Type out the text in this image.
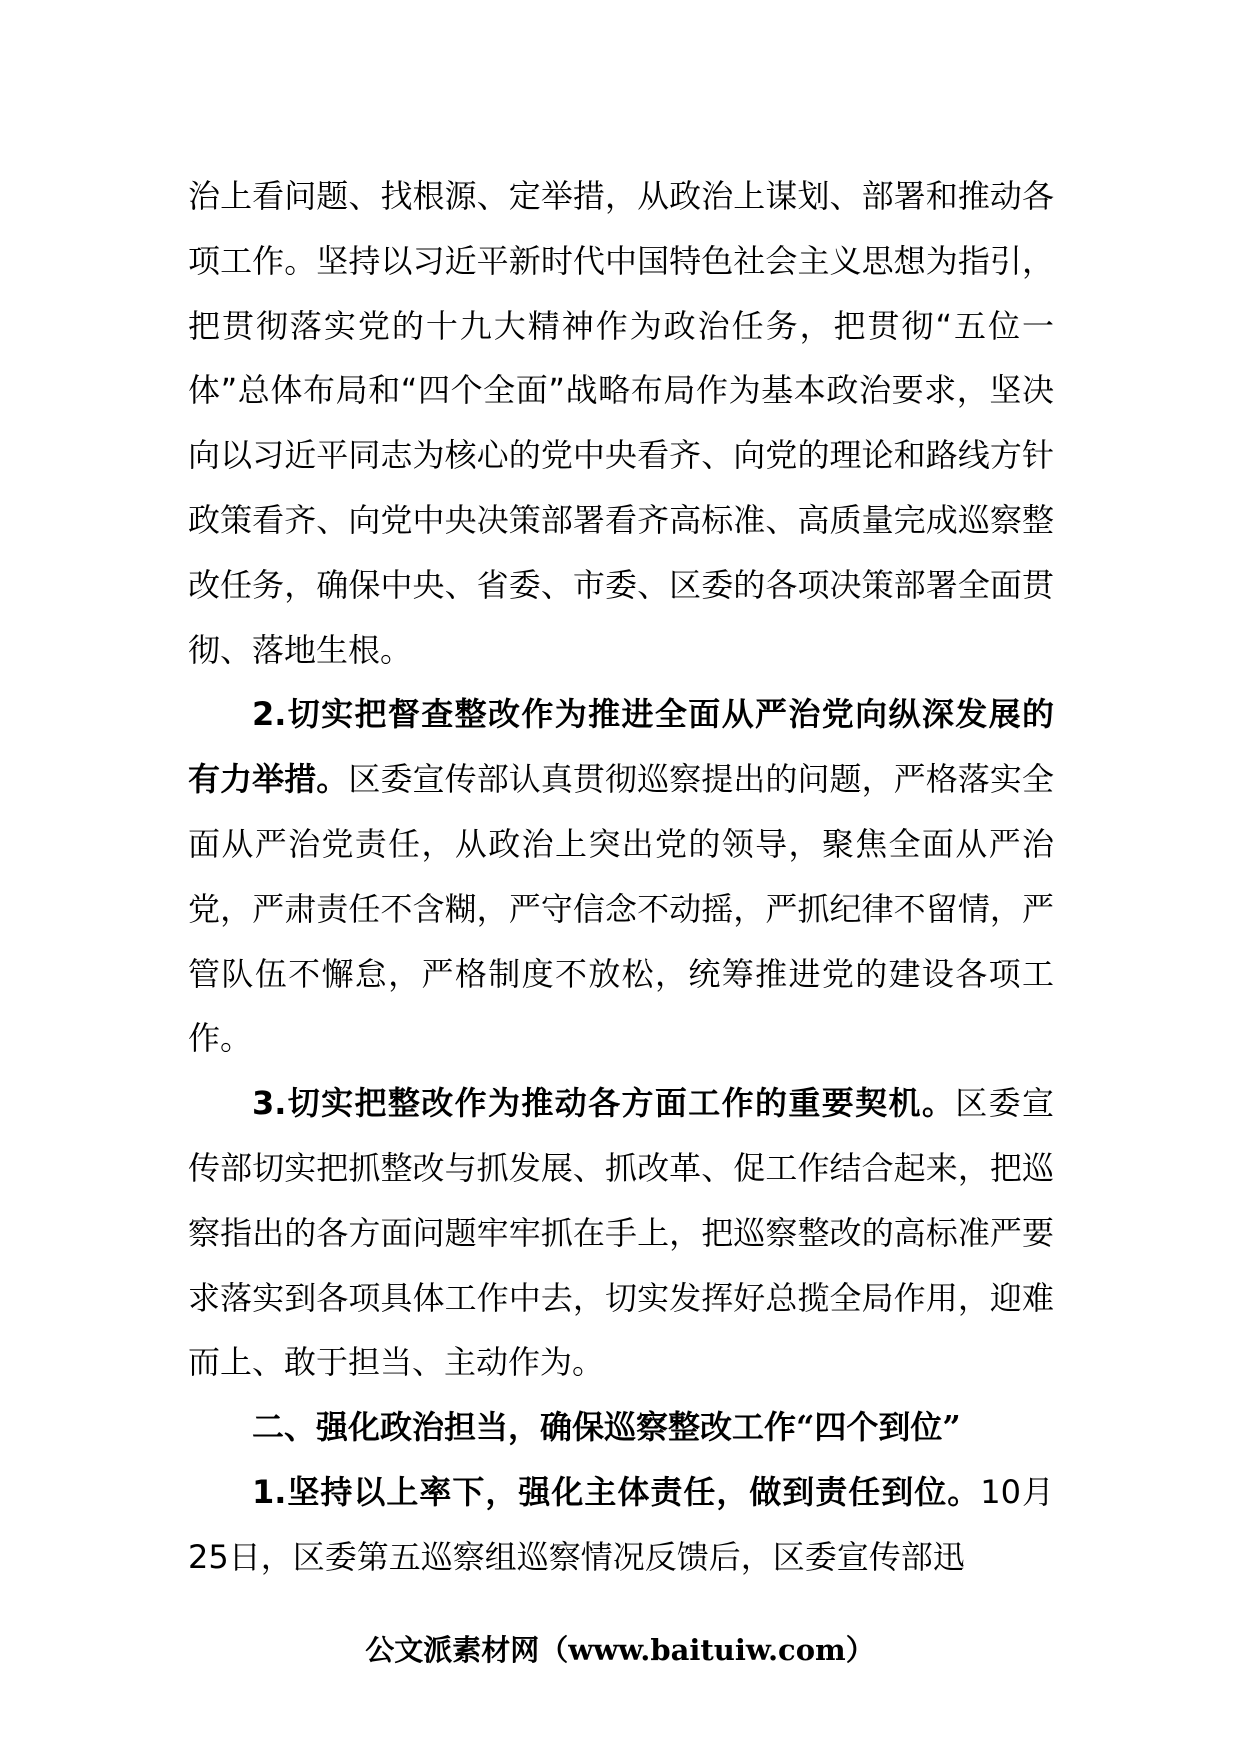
治上看问题、找根源、定举措，从政治上谋划、部署和推动各项工作。坚持以习近平新时代中国特色社会主义思想为指引，把贯彻落实党的十九大精神作为政治任务，把贯彻“五位一体”总体布局和“四个全面”战略布局作为基本政治要求，坚决向以习近平同志为核心的党中央看齐、向党的理论和路线方针政策看齐、向党中央决策部署看齐高标准、高质量完成巡察整改任务，确保中央、省委、市委、区委的各项决策部署全面贯彻、落地生根。

2.切实把督查整改作为推进全面从严治党向纵深发展的有力举措。区委宣传部认真贯彻巡察提出的问题，严格落实全面从严治党责任，从政治上突出党的领导，聚焦全面从严治党，严肃责任不含糊，严守信念不动摇，严抓纪律不留情，严管队伍不懈怠，严格制度不放松，统筹推进党的建设各项工作。

3.切实把整改作为推动各方面工作的重要契机。区委宣传部切实把抓整改与抓发展、抓改革、促工作结合起来，把巡察指出的各方面问题牢牢抓在手上，把巡察整改的高标准严要求落实到各项具体工作中去，切实发挥好总揽全局作用，迎难而上、敢于担当、主动作为。

二、强化政治担当，确保巡察整改工作“四个到位”

1.坚持以上率下，强化主体责任，做到责任到位。10月25日，区委第五巡察组巡察情况反馈后，区委宣传部迅

公文派素材网（www.baituiw.com）
